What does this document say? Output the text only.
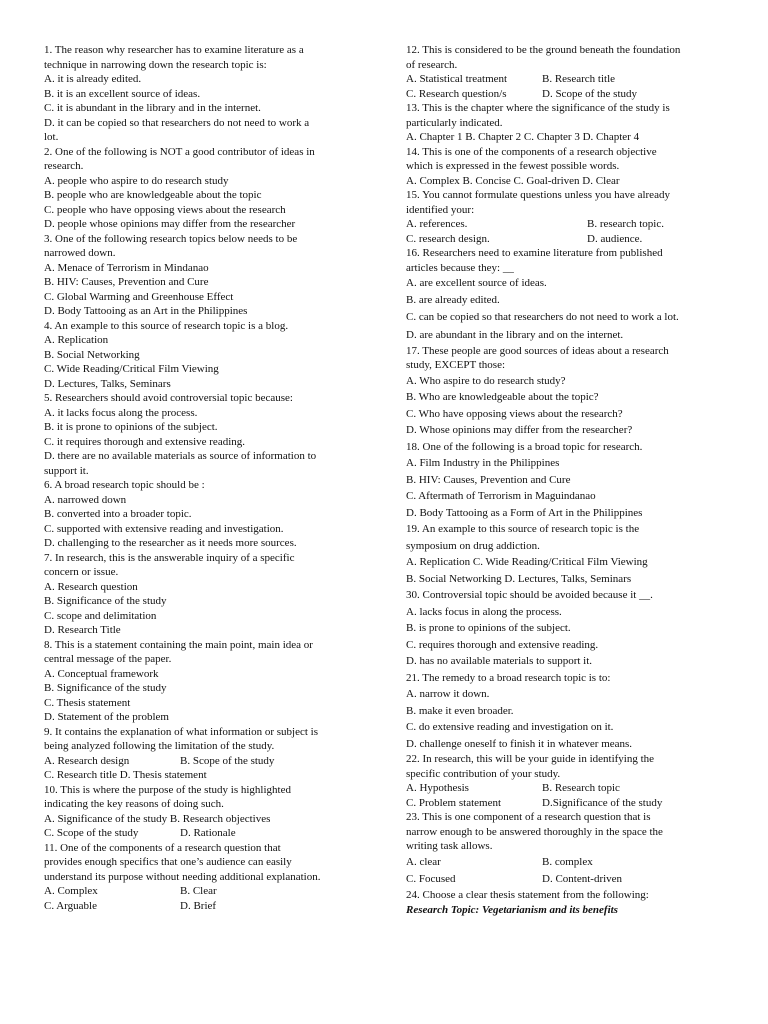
1. The reason why researcher has to examine literature as a
technique in narrowing down the research topic is:
A. it is already edited.
B. it is an excellent source of ideas.
C. it is abundant in the library and in the internet.
D. it can be copied so that researchers do not need to work a
lot.
2. One of the following is NOT a good contributor of ideas in
research.
A. people who aspire to do research study
B. people who are knowledgeable about the topic
C. people who have opposing views about the research
D. people whose opinions may differ from the researcher
3. One of the following research topics below needs to be
narrowed down.
A. Menace of Terrorism in Mindanao
B. HIV: Causes, Prevention and Cure
C. Global Warming and Greenhouse Effect
D. Body Tattooing as an Art in the Philippines
4. An example to this source of research topic is a blog.
A. Replication
B. Social Networking
C. Wide Reading/Critical Film Viewing
D. Lectures, Talks, Seminars
5. Researchers should avoid controversial topic because:
A. it lacks focus along the process.
B. it is prone to opinions of the subject.
C. it requires thorough and extensive reading.
D. there are no available materials as source of information to
support it.
6. A broad research topic should be :
A. narrowed down
B. converted into a broader topic.
C. supported with extensive reading and investigation.
D. challenging to the researcher as it needs more sources.
7. In research, this is the answerable inquiry of a specific
concern or issue.
A. Research question
B. Significance of the study
C. scope and delimitation
D. Research Title
8. This is a statement containing the main point, main idea or
central message of the paper.
A. Conceptual framework
B. Significance of the study
C. Thesis statement
D. Statement of the problem
9. It contains the explanation of what information or subject is
being analyzed following the limitation of the study.
A. Research design	B. Scope of the study
C. Research title D. Thesis statement
10. This is where the purpose of the study is highlighted
indicating the key reasons of doing such.
A. Significance of the study B. Research objectives
C. Scope of the study	D. Rationale
11. One of the components of a research question that
provides enough specifics that one’s audience can easily
understand its purpose without needing additional explanation.
A. Complex	B. Clear
C. Arguable	D. Brief
12. This is considered to be the ground beneath the foundation
of research.
A. Statistical treatment	B. Research title
C. Research question/s	D. Scope of the study
13. This is the chapter where the significance of the study is
particularly indicated.
A. Chapter 1 B. Chapter 2 C. Chapter 3 D. Chapter 4
14. This is one of the components of a research objective
which is expressed in the fewest possible words.
A. Complex B. Concise C. Goal-driven D. Clear
15. You cannot formulate questions unless you have already
identified your:
A. references.	B. research topic.
C. research design.	D. audience.
16. Researchers need to examine literature from published
articles because they: __
A. are excellent source of ideas.
B. are already edited.
C. can be copied so that researchers do not need to work a lot.
D. are abundant in the library and on the internet.
17. These people are good sources of ideas about a research
study, EXCEPT those:
A. Who aspire to do research study?
B. Who are knowledgeable about the topic?
C. Who have opposing views about the research?
D. Whose opinions may differ from the researcher?
18. One of the following is a broad topic for research.
A. Film Industry in the Philippines
B. HIV: Causes, Prevention and Cure
C. Aftermath of Terrorism in Maguindanao
D. Body Tattooing as a Form of Art in the Philippines
19. An example to this source of research topic is the
symposium on drug addiction.
A. Replication C. Wide Reading/Critical Film Viewing
B. Social Networking D. Lectures, Talks, Seminars
30. Controversial topic should be avoided because it __.
A. lacks focus in along the process.
B. is prone to opinions of the subject.
C. requires thorough and extensive reading.
D. has no available materials to support it.
21. The remedy to a broad research topic is to:
A. narrow it down.
B. make it even broader.
C. do extensive reading and investigation on it.
D. challenge oneself to finish it in whatever means.
22. In research, this will be your guide in identifying the
specific contribution of your study.
A. Hypothesis	B. Research topic
C. Problem statement	D.Significance of the study
23. This is one component of a research question that is
narrow enough to be answered thoroughly in the space the
writing task allows.
A. clear	B. complex
C. Focused	D. Content-driven
24. Choose a clear thesis statement from the following:
Research Topic: Vegetarianism and its benefits
